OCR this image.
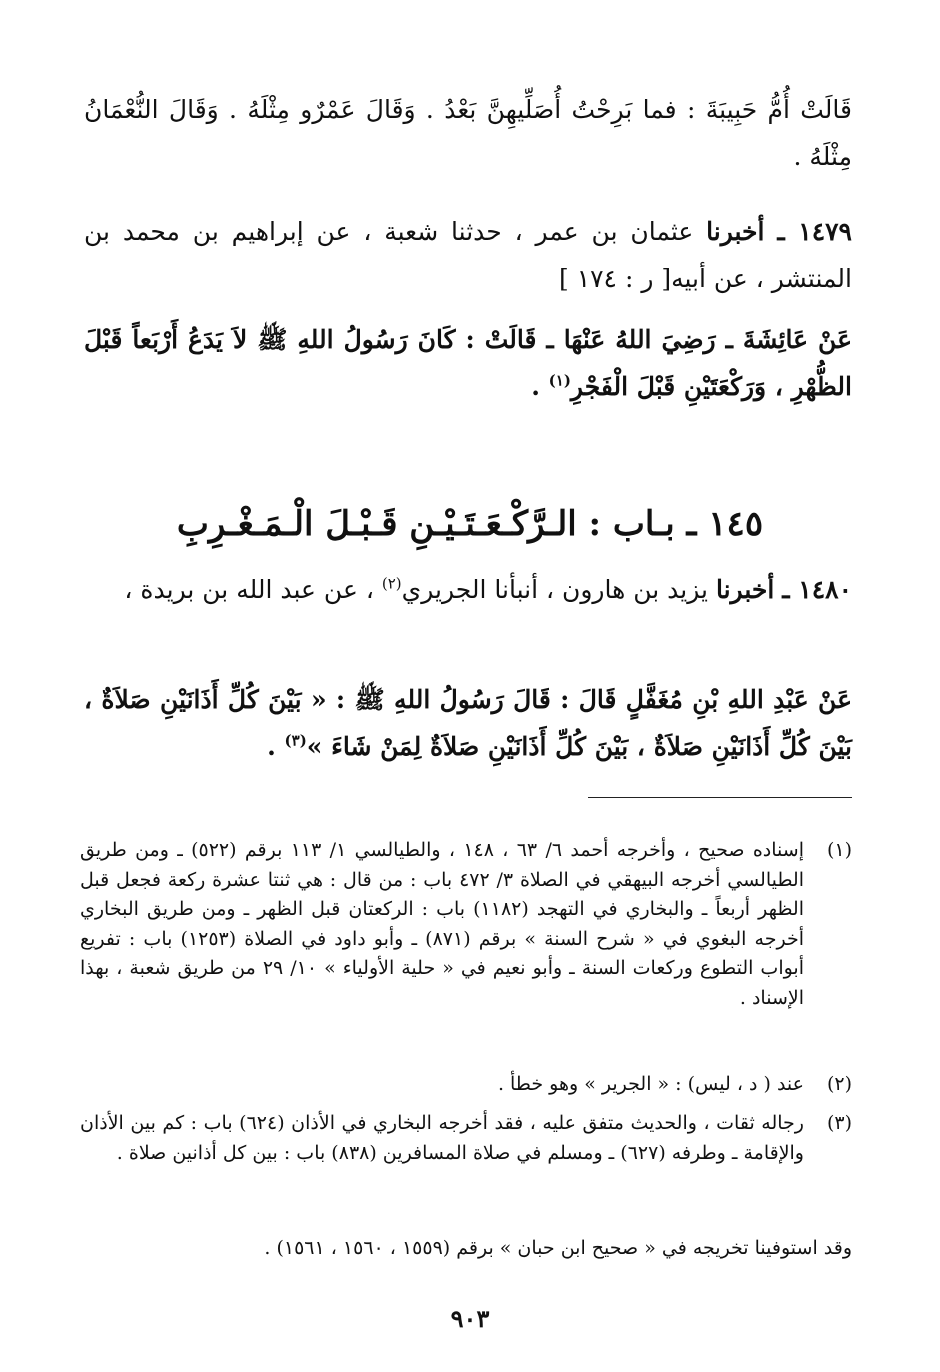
قَالَتْ أُمُّ حَبِيبَةَ : فما بَرِحْتُ أُصَلِّيهِنَّ بَعْدُ . وَقَالَ عَمْرٌو مِثْلَهُ . وَقَالَ النُّعْمَانُ مِثْلَهُ .
١٤٧٩ ـ أخبرنا عثمان بن عمر ، حدثنا شعبة ، عن إبراهيم بن محمد بن المنتشر ، عن أبيه[ ر : ١٧٤ ]
عَنْ عَائِشَةَ ـ رَضِيَ اللهُ عَنْهَا ـ قَالَتْ : كَانَ رَسُولُ اللهِ ﷺ لاَ يَدَعُ أَرْبَعاً قَبْلَ الظُّهْرِ ، وَرَكْعَتَيْنِ قَبْلَ الْفَجْرِ$^{(١)}$ .
١٤٥ ـ بـاب : الـرَّكْـعَـتَـيْـنِ قَـبْـلَ الْـمَـغْـرِبِ
١٤٨٠ ـ أخبرنا يزيد بن هارون ، أنبأنا الجريري$^{(٢)}$ ، عن عبد الله بن بريدة ،
عَنْ عَبْدِ اللهِ بْنِ مُغَفَّلٍ قَالَ : قَالَ رَسُولُ اللهِ ﷺ : « بَيْنَ كُلِّ أَذَانَيْنِ صَلاَةٌ ، بَيْنَ كُلِّ أَذَانَيْنِ صَلاَةٌ ، بَيْنَ كُلِّ أَذَانَيْنِ صَلاَةٌ لِمَنْ شَاءَ »$^{(٣)}$ .
(١)
إسناده صحيح ، وأخرجه أحمد ٦/ ٦٣ ، ١٤٨ ، والطيالسي ١/ ١١٣ برقم (٥٢٢) ـ ومن طريق الطيالسي أخرجه البيهقي في الصلاة ٣/ ٤٧٢ باب : من قال : هي ثنتا عشرة ركعة فجعل قبل الظهر أربعاً ـ والبخاري في التهجد (١١٨٢) باب : الركعتان قبل الظهر ـ ومن طريق البخاري أخرجه البغوي في « شرح السنة » برقم (٨٧١) ـ وأبو داود في الصلاة (١٢٥٣) باب : تفريع أبواب التطوع وركعات السنة ـ وأبو نعيم في « حلية الأولياء » ١٠/ ٢٩ من طريق شعبة ، بهذا الإسناد .
(٢)
عند ( د ، ليس) : « الجرير » وهو خطأ .
(٣)
رجاله ثقات ، والحديث متفق عليه ، فقد أخرجه البخاري في الأذان (٦٢٤) باب : كم بين الأذان والإقامة ـ وطرفه (٦٢٧) ـ ومسلم في صلاة المسافرين (٨٣٨) باب : بين كل أذانين صلاة .
وقد استوفينا تخريجه في « صحيح ابن حبان » برقم (١٥٥٩ ، ١٥٦٠ ، ١٥٦١) .
٩٠٣
